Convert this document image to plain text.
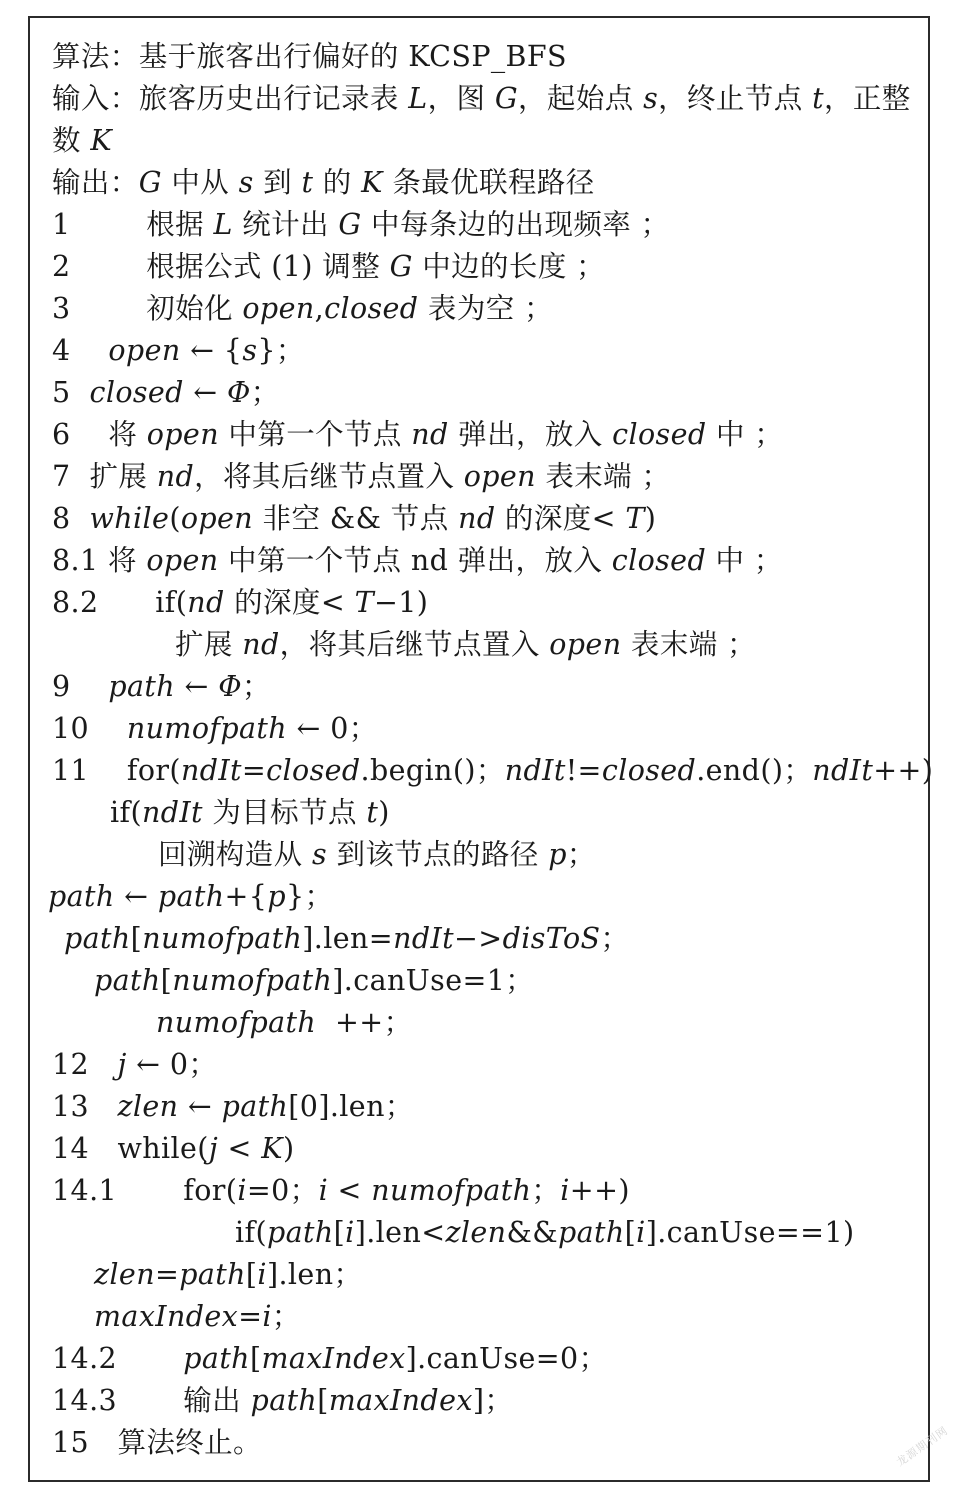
算法：基于旅客出行偏好的 KCSP_BFS
输入：旅客历史出行记录表 L，图 G，起始点 s，终止节点 t，正整
数 K
输出：G 中从 s 到 t 的 K 条最优联程路径
1        根据 L 统计出 G 中每条边的出现频率 ；
2        根据公式 (1) 调整 G 中边的长度 ；
3        初始化 open,closed 表为空 ；
4    open ← {s}；
5  closed ← Φ；
6    将 open 中第一个节点 nd 弹出，放入 closed 中 ；
7  扩展 nd，将其后继节点置入 open 表末端 ；
8  while(open 非空 && 节点 nd 的深度< T)
8.1 将 open 中第一个节点 nd 弹出，放入 closed 中 ；
8.2      if(nd 的深度< T−1)
扩展 nd，将其后继节点置入 open 表末端 ；
9    path ← Φ；
10    numofpath ← 0；
11    for(ndIt=closed.begin()；ndIt!=closed.end()；ndIt++)
if(ndIt 为目标节点 t)
回溯构造从 s 到该节点的路径 p；
path ← path+{p}；
path[numofpath].len=ndIt−>disToS；
path[numofpath].canUse=1；
numofpath  ++；
12   j ← 0；
13   zlen ← path[0].len；
14   while(j < K)
14.1       for(i=0；i < numofpath；i++)
if(path[i].len<zlen&&path[i].canUse==1)
zlen=path[i].len；
maxIndex=i；
14.2       path[maxIndex].canUse=0；
14.3       输出 path[maxIndex]；
15   算法终止。	龙源期刊网
